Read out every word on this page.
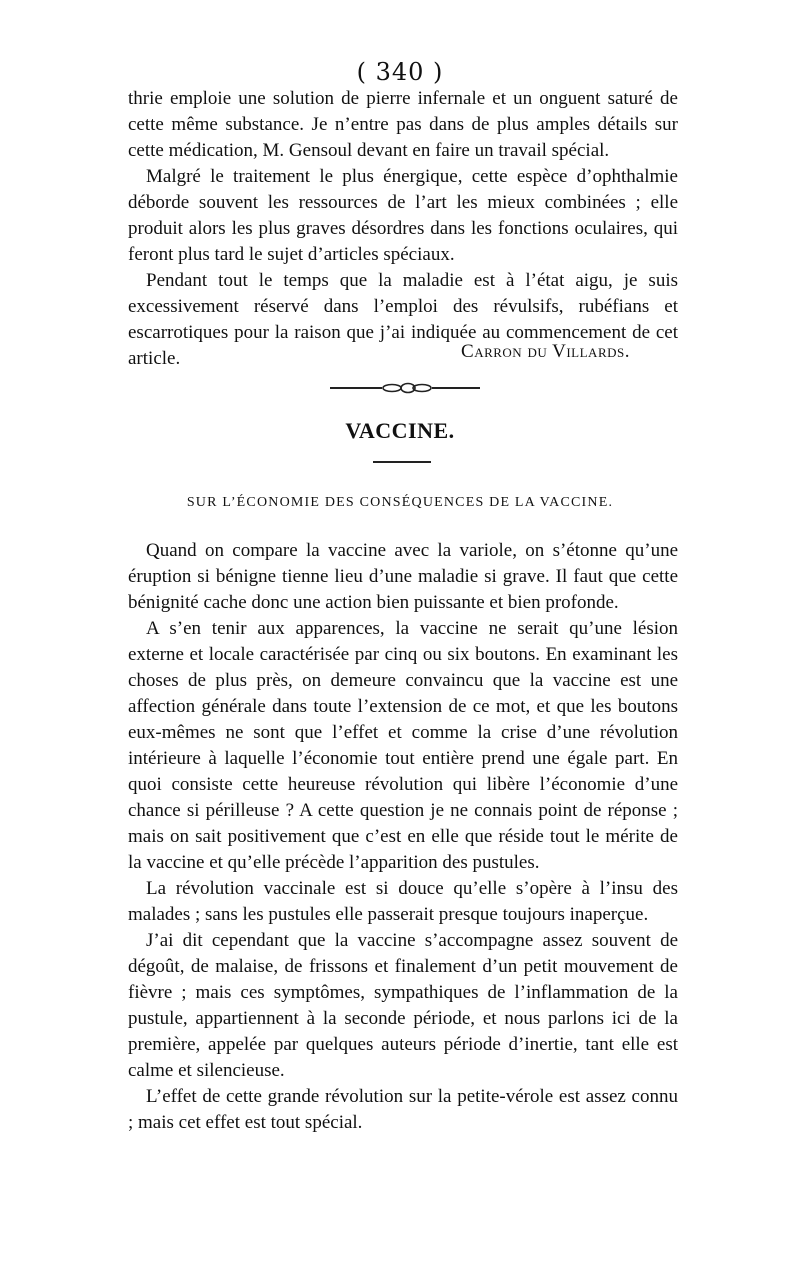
( 340 )

thrie emploie une solution de pierre infernale et un onguent saturé de cette même substance. Je n’entre pas dans de plus amples détails sur cette médication, M. Gensoul devant en faire un travail spécial.

Malgré le traitement le plus énergique, cette espèce d’ophthalmie déborde souvent les ressources de l’art les mieux combinées ; elle produit alors les plus graves désordres dans les fonctions oculaires, qui feront plus tard le sujet d’articles spéciaux.

Pendant tout le temps que la maladie est à l’état aigu, je suis excessivement réservé dans l’emploi des révulsifs, rubéfians et escarrotiques pour la raison que j’ai indiquée au commencement de cet article.	Carron du Villards.
VACCINE.
SUR L’ÉCONOMIE DES CONSÉQUENCES DE LA VACCINE.

Quand on compare la vaccine avec la variole, on s’étonne qu’une éruption si bénigne tienne lieu d’une maladie si grave. Il faut que cette bénignité cache donc une action bien puissante et bien profonde.

A s’en tenir aux apparences, la vaccine ne serait qu’une lésion externe et locale caractérisée par cinq ou six boutons. En examinant les choses de plus près, on demeure convaincu que la vaccine est une affection générale dans toute l’extension de ce mot, et que les boutons eux-mêmes ne sont que l’effet et comme la crise d’une révolution intérieure à laquelle l’économie tout entière prend une égale part. En quoi consiste cette heureuse révolution qui libère l’économie d’une chance si périlleuse ? A cette question je ne connais point de réponse ; mais on sait positivement que c’est en elle que réside tout le mérite de la vaccine et qu’elle précède l’apparition des pustules.

La révolution vaccinale est si douce qu’elle s’opère à l’insu des malades ; sans les pustules elle passerait presque toujours inaperçue.

J’ai dit cependant que la vaccine s’accompagne assez souvent de dégoût, de malaise, de frissons et finalement d’un petit mouvement de fièvre ; mais ces symptômes, sympathiques de l’inflammation de la pustule, appartiennent à la seconde période, et nous parlons ici de la première, appelée par quelques auteurs période d’inertie, tant elle est calme et silencieuse.

L’effet de cette grande révolution sur la petite-vérole est assez connu ; mais cet effet est tout spécial.
